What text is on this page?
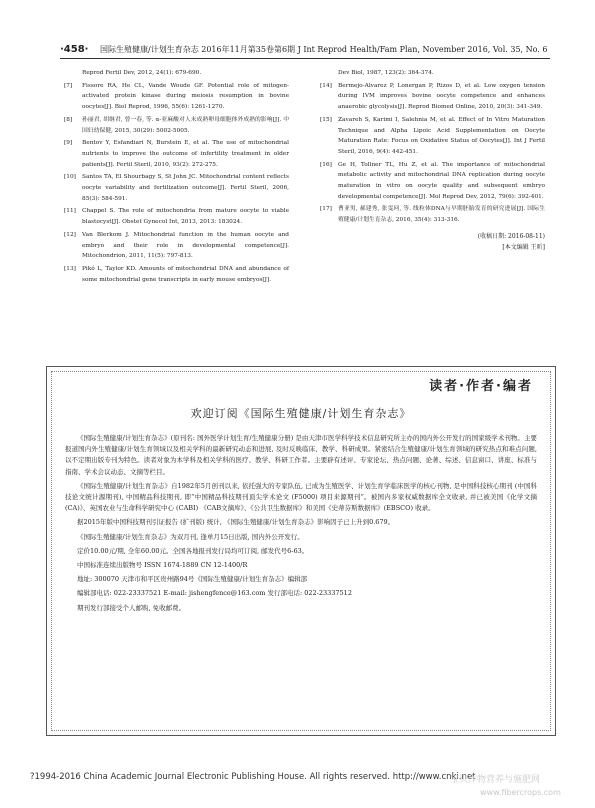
·458·	国际生殖健康/计划生育杂志 2016年11月第35卷第6期 J Int Reprod Health/Fam Plan, November 2016, Vol. 35, No. 6
Reprod Fertil Dev, 2012, 24(1): 679-690.
[7] Fissore RA, He CL, Vande Woude GF. Potential role of mitogen-activated protein kinase during meiosis resumption in bovine oocytes[J]. Biol Reprod, 1996, 55(6): 1261-1270.
[8] 孙丽君, 胡继君, 曾一春, 等. α-亚麻酸对人未成熟卵母细胞体外成熟的影响[J]. 中国妇幼保健, 2015, 30(29): 5002-5005.
[9] Bentov Y, Esfandiari N, Burstein E, et al. The use of mitochondrial nutrients to improve the outcome of infertility treatment in older patients[J]. Fertil Steril, 2010, 93(2): 272-275.
[10] Santos TA, El Shourbagy S, St John JC. Mitochondrial content reflects oocyte variability and fertilization outcome[J]. Fertil Steril, 2006, 85(3): 584-591.
[11] Chappel S. The role of mitochondria from mature oocyte to viable blastocyst[J]. Obstet Gynecol Int, 2013, 2013: 183024.
[12] Van Blerkom J. Mitochondrial function in the human oocyte and embryo and their role in developmental competence[J]. Mitochondrion, 2011, 11(5): 797-813.
[13] Pikó L, Taylor KD. Amounts of mitochondrial DNA and abundance of some mitochondrial gene transcripts in early mouse embryos[J].
Dev Biol, 1987, 123(2): 364-374.
[14] Bermejo-Alvarez P, Lonergan P, Rizos D, et al. Low oxygen tension during IVM improves bovine oocyte competence and enhances anaerobic glycolysis[J]. Reprod Biomed Online, 2010, 20(3): 341-349.
[15] Zavareh S, Karimi I, Salehnia M, et al. Effect of In Vitro Maturation Technique and Alpha Lipoic Acid Supplementation on Oocyte Maturation Rate: Focus on Oxidative Status of Oocytes[J]. Int J Fertil Steril, 2016, 9(4): 442-451.
[16] Ge H, Tollner TL, Hu Z, et al. The importance of mitochondrial metabolic activity and mitochondrial DNA replication during oocyte maturation in vitro on oocyte quality and subsequent embryo developmental competence[J]. Mol Reprod Dev, 2012, 79(6): 392-401.
[17] 曹亚男, 郝建秀, 张雯珂, 等. 线粒体DNA与早期胚胎发育的研究进展[J]. 国际生殖健康/计划生育杂志, 2016, 35(4): 313-316.
(收稿日期: 2016-08-11)
[本文编辑 王昕]
读者·作者·编者
欢迎订阅《国际生殖健康/计划生育杂志》

《国际生殖健康/计划生育杂志》(原刊名: 国外医学计划生育/生殖健康分册) 是由天津市医学科学技术信息研究所主办的国内外公开发行的国家级学术刊物。主要报道国内外生殖健康/计划生育领域以及相关学科的最新研究动态和进展, 及时反映临床、教学、科研成果。紧密结合生殖健康/计划生育领域的研究热点和难点问题, 以不定期出版专刊为特色。读者对象为本学科及相关学科的医疗、教学、科研工作者。主要辟有述评、专家论坛、热点问题、论著、综述、信息窗口、讲座、标准与指南、学术会议动态、文摘等栏目。

《国际生殖健康/计划生育杂志》自1982年5月创刊以来, 依托强大的专家队伍, 已成为生殖医学、计划生育学临床医学的核心刊物, 是中国科技核心期刊 (中国科技论文统计源期刊), 中国精品科技期刊, 即“中国精品科技期刊顶尖学术论文 (F5000) 项目来源期刊”。被国内多家权威数据库全文收录, 并已被美国《化学文摘 (CA)》、英国农业与生命科学研究中心 (CABI) 《CAB文摘库》、《公共卫生数据库》和美国《史蒂芬斯数据库》(EBSCO) 收录。

据2015年版中国科技期刊引证报告 (扩刊版) 统计, 《国际生殖健康/计划生育杂志》影响因子已上升到0.679。

《国际生殖健康/计划生育杂志》为双月刊, 逢单月15日出版, 国内外公开发行。

定价10.00元/期, 全年60.00元。全国各地报刊发行局均可订阅, 邮发代号6-63。

中国标准连续出版物号 ISSN 1674-1889 CN 12-1400/R

地址: 300070 天津市和平区贵州路94号《国际生殖健康/计划生育杂志》编辑部

编辑部电话: 022-23337521 E-mail: jishengfence@163.com 发行部电话: 022-23337512

期刊发行部接受个人邮购, 免收邮费。

?1994-2016 China Academic Journal Electronic Publishing House. All rights reserved. http://www.cnki.net
宝贝作物营养与施肥网
www.fibercrops.com
